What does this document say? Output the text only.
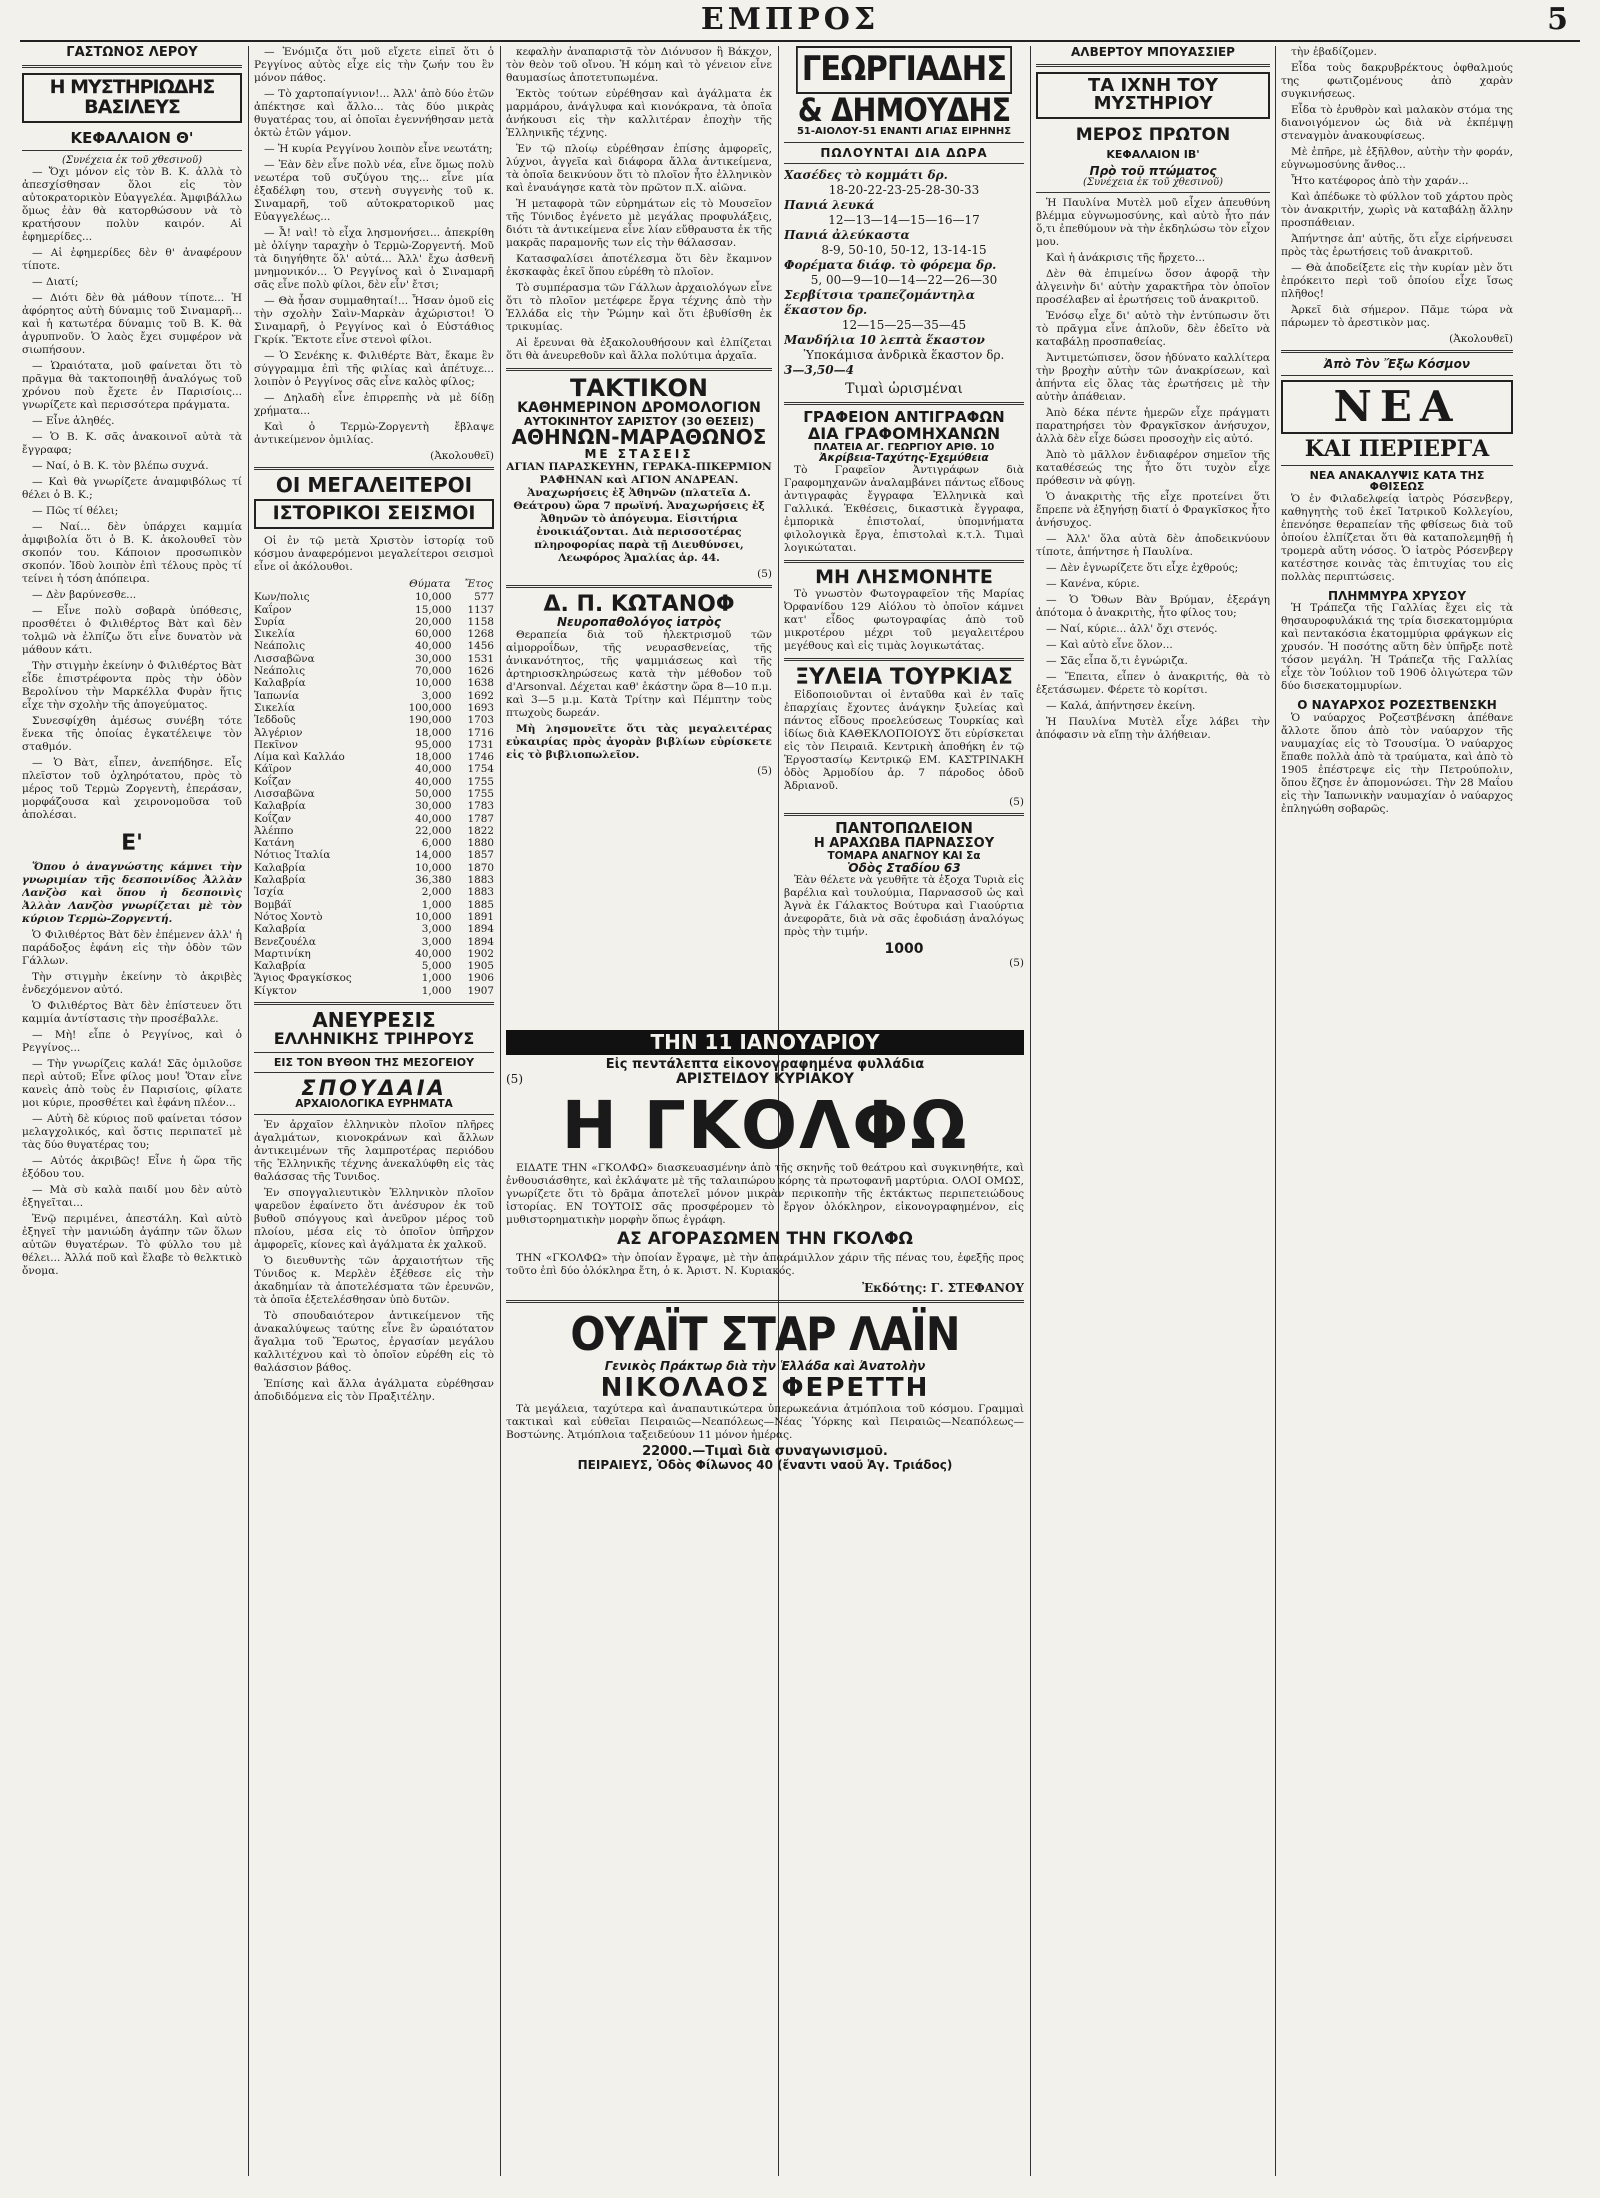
ΕΜΠΡΟΣ	5
ΓΑΣΤΩΝΟΣ ΛΕΡΟΥ
Η ΜΥΣΤΗΡΙΩΔΗΣ ΒΑΣΙΛΕΥΣ
ΚΕΦΑΛΑΙΟΝ Θ'
(Συνέχεια ἐκ τοῦ χθεσινοῦ)

— Ὄχι μόνον εἰς τὸν Β. Κ. ἀλλὰ τὸ ἀπεσχίσθησαν ὅλοι εἰς τὸν αὐτοκρατορικὸν Εὐαγγελέα. Ἀμφιβάλλω ὅμως ἐὰν θὰ κατορθώσουν νὰ τὸ κρατήσουν πολὺν καιρόν. Αἱ ἐφημερίδες...

— Αἱ ἐφημερίδες δὲν θ' ἀναφέρουν τίποτε.

— Διατί;

— Διότι δὲν θὰ μάθουν τίποτε... Ἡ ἀφόρητος αὐτὴ δύναμις τοῦ Σιναμαρῆ... καὶ ἡ κατωτέρα δύναμις τοῦ Β. Κ. θὰ ἀγρυπνοῦν. Ὁ λαὸς ἔχει συμφέρον νὰ σιωπήσουν.

— Ὡραιότατα, μοῦ φαίνεται ὅτι τὸ πρᾶγμα θὰ τακτοποιηθῇ ἀναλόγως τοῦ χρόνου ποὺ ἔχετε ἐν Παρισίοις... γνωρίζετε καὶ περισσότερα πράγματα.

— Εἶνε ἀληθές.

— Ὁ Β. Κ. σᾶς ἀνακοινοῖ αὐτὰ τὰ ἔγγραφα;

— Ναί, ὁ Β. Κ. τὸν βλέπω συχνά.

— Καὶ θὰ γνωρίζετε ἀναμφιβόλως τί θέλει ὁ Β. Κ.;

— Πῶς τί θέλει;

— Ναί... δὲν ὑπάρχει καμμία ἀμφιβολία ὅτι ὁ Β. Κ. ἀκολουθεῖ τὸν σκοπόν του. Κάποιον προσωπικὸν σκοπόν. Ἰδοὺ λοιπὸν ἐπὶ τέλους πρὸς τί τείνει ἡ τόση ἀπόπειρα.

— Δὲν βαρύνεσθε...

— Εἶνε πολὺ σοβαρὰ ὑπόθεσις, προσθέτει ὁ Φιλιθέρτος Βὰτ καὶ δὲν τολμῶ νὰ ἐλπίζω ὅτι εἶνε δυνατὸν νὰ μάθουν κάτι.

Τὴν στιγμὴν ἐκείνην ὁ Φιλιθέρτος Βὰτ εἶδε ἐπιστρέφοντα πρὸς τὴν ὁδὸν Βερολίνου τὴν Μαρκέλλα Φυρὰν ἥτις εἶχε τὴν σχολὴν τῆς ἀπογεύματος.

Συνεσφίχθη ἀμέσως συνέβη τότε ἕνεκα τῆς ὁποίας ἐγκατέλειψε τὸν σταθμόν.

— Ὁ Βὰτ, εἶπεν, ἀνεπήδησε. Εἶς πλεῖστον τοῦ ὀχληρότατου, πρὸς τὸ μέρος τοῦ Τερμὼ Ζοργεντὴ, ἐπεράσαν, μορφάζουσα καὶ χειρονομοῦσα τοῦ ἀπολέσαι.

Ε'

Ὅπου ὁ ἀναγνώστης κάμνει τὴν γνωριμίαν τῆς δεσποινίδος Ἀλλὰν Λανζὸσ καὶ ὅπου ἡ δεσποινὶς Ἀλλὰν Λανζὸσ γνωρίζεται μὲ τὸν κύριον Τερμὼ-Ζοργεντή.

Ὁ Φιλιθέρτος Βὰτ δὲν ἐπέμενεν ἀλλ' ἡ παράδοξος ἐφάνη εἰς τὴν ὁδὸν τῶν Γάλλων.

Τὴν στιγμὴν ἐκείνην τὸ ἀκριβὲς ἐνδεχόμενον αὐτό.

Ὁ Φιλιθέρτος Βὰτ δὲν ἐπίστευεν ὅτι καμμία ἀντίστασις τὴν προσέβαλλε.

— Μὴ! εἶπε ὁ Ρεγγίνος, καὶ ὁ Ρεγγίνος...

— Τὴν γνωρίζεις καλά! Σᾶς ὁμιλοῦσε περὶ αὐτοῦ; Εἶνε φίλος μου! Ὅταν εἶνε κανεὶς ἀπὸ τοὺς ἐν Παρισίοις, φίλατε μοι κύριε, προσθέτει καὶ ἐφάνη πλέον...

— Αὐτὴ δὲ κύριος ποῦ φαίνεται τόσον μελαγχολικός, καὶ ὅστις περιπατεῖ μὲ τὰς δύο θυγατέρας του;

— Αὐτός ἀκριβῶς! Εἶνε ἡ ὥρα τῆς ἐξόδου του.

— Μὰ σὺ καλὰ παιδί μου δὲν αὐτὸ ἐξηγεῖται...

Ἐνῷ περιμένει, ἀπεστάλη. Καὶ αὐτὸ ἐξηγεῖ τὴν μανιώδη ἀγάπην τῶν ὅλων αὐτῶν θυγατέρων. Τὸ φύλλο του μὲ θέλει... Ἀλλά ποῦ καὶ ἔλαβε τὸ θελκτικὸ ὄνομα.

— Ἐνόμιζα ὅτι μοῦ εἴχετε εἰπεῖ ὅτι ὁ Ρεγγίνος αὐτὸς εἶχε εἰς τὴν ζωήν του ἓν μόνον πάθος.

— Τὸ χαρτοπαίγνιον!... Ἀλλ' ἀπὸ δύο ἐτῶν ἀπέκτησε καὶ ἄλλο... τὰς δύο μικρὰς θυγατέρας του, αἱ ὁποῖαι ἐγεννήθησαν μετὰ ὀκτὼ ἐτῶν γάμον.

— Ἡ κυρία Ρεγγίνου λοιπὸν εἶνε νεωτάτη;

— Ἐὰν δὲν εἶνε πολὺ νέα, εἶνε ὅμως πολὺ νεωτέρα τοῦ συζύγου της... εἶνε μία ἐξαδέλφη του, στενὴ συγγενὴς τοῦ κ. Σιναμαρῆ, τοῦ αὐτοκρατορικοῦ μας Εὐαγγελέως...

— Ἆ! ναὶ! τὸ εἶχα λησμονήσει... ἀπεκρίθη μὲ ὀλίγην ταραχὴν ὁ Τερμὼ-Ζοργεντή. Μοῦ τὰ διηγήθητε ὅλ' αὐτά... Ἀλλ' ἔχω ἀσθενῆ μνημονικόν... Ὁ Ρεγγίνος καὶ ὁ Σιναμαρῆ σᾶς εἶνε πολὺ φίλοι, δὲν εἶν' ἔτσι;

— Θὰ ἦσαν συμμαθηταί!... Ἦσαν ὁμοῦ εἰς τὴν σχολὴν Σαὶν-Μαρκὰν ἀχώριστοι! Ὁ Σιναμαρῆ, ὁ Ρεγγίνος καὶ ὁ Εὐστάθιος Γκρίκ. Ἔκτοτε εἶνε στενοὶ φίλοι.

— Ὁ Σενέκης κ. Φιλιθέρτε Βὰτ, ἔκαμε ἓν σύγγραμμα ἐπὶ τῆς φιλίας καὶ ἀπέτυχε... λοιπὸν ὁ Ρεγγίνος σᾶς εἶνε καλὸς φίλος;

— Δηλαδὴ εἶνε ἐπιρρεπὴς νὰ μὲ δίδῃ χρήματα...

Καὶ ὁ Τερμὼ-Ζοργεντὴ ἔβλαψε ἀντικείμενον ὁμιλίας.

(Ἀκολουθεῖ)
ΟΙ ΜΕΓΑΛΕΙΤΕΡΟΙ
ΙΣΤΟΡΙΚΟΙ ΣΕΙΣΜΟΙ

Οἱ ἐν τῷ μετὰ Χριστὸν ἱστορίᾳ τοῦ κόσμου ἀναφερόμενοι μεγαλείτεροι σεισμοὶ εἶνε οἱ ἀκόλουθοι.

	Θύματα	Ἔτος
Κων/πολις	10,000	577
Καΐρον	15,000	1137
Συρία	20,000	1158
Σικελία	60,000	1268
Νεάπολις	40,000	1456
Λισσαβῶνα	30,000	1531
Νεάπολις	70,000	1626
Καλαβρία	10,000	1638
Ἰαπωνία	3,000	1692
Σικελία	100,000	1693
Ἰεδδοῦς	190,000	1703
Ἀλγέριον	18,000	1716
Πεκῖνον	95,000	1731
Λίμα καὶ Καλλάο	18,000	1746
Κάϊρον	40,000	1754
Κοΐζαν	40,000	1755
Λισσαβῶνα	50,000	1755
Καλαβρία	30,000	1783
Κοΐζαν	40,000	1787
Ἀλέππο	22,000	1822
Κατάνη	6,000	1880
Νότιος Ἰταλία	14,000	1857
Καλαβρία	10,000	1870
Καλαβρία	36,380	1883
Ἰσχία	2,000	1883
Βομβάϊ	1,000	1885
Νότος Χοντὸ	10,000	1891
Καλαβρία	3,000	1894
Βενεζουέλα	3,000	1894
Μαρτινίκη	40,000	1902
Καλαβρία	5,000	1905
Ἅγιος Φραγκίσκος	1,000	1906
Κίγκτον	1,000	1907
ΑΝΕΥΡΕΣΙΣ
ΕΛΛΗΝΙΚΗΣ ΤΡΙΗΡΟΥΣ
ΕΙΣ ΤΟΝ ΒΥΘΟΝ ΤΗΣ ΜΕΣΟΓΕΙΟΥ
ΣΠΟΥΔΑΙΑ
ΑΡΧΑΙΟΛΟΓΙΚΑ ΕΥΡΗΜΑΤΑ

Ἐν ἀρχαῖον ἑλληνικὸν πλοῖον πλῆρες ἀγαλμάτων, κιονοκράνων καὶ ἄλλων ἀντικειμένων τῆς λαμπροτέρας περιόδου τῆς Ἑλληνικῆς τέχνης ἀνεκαλύφθη εἰς τὰς θαλάσσας τῆς Τυνιδος.

Ἐν σπογγαλιευτικὸν Ἑλληνικὸν πλοῖον ψαρεῦον ἐφαίνετο ὅτι ἀνέσυρον ἐκ τοῦ βυθοῦ σπόγγους καὶ ἀνεῦρον μέρος τοῦ πλοίου, μέσα εἰς τὸ ὁποῖον ὑπῆρχον ἀμφορεῖς, κίονες καὶ ἀγάλματα ἐκ χαλκοῦ.

Ὁ διευθυντὴς τῶν ἀρχαιοτήτων τῆς Τύνιδος κ. Μερλὲν ἐξέθεσε εἰς τὴν ἀκαδημίαν τὰ ἀποτελέσματα τῶν ἐρευνῶν, τὰ ὁποῖα ἐξετελέσθησαν ὑπὸ δυτῶν.

Τὸ σπουδαιότερον ἀντικείμενον τῆς ἀνακαλύψεως ταύτης εἶνε ἓν ὡραιότατον ἄγαλμα τοῦ Ἔρωτος, ἐργασίαν μεγάλου καλλιτέχνου καὶ τὸ ὁποῖον εὑρέθη εἰς τὸ θαλάσσιον βάθος.

Ἐπίσης καὶ ἄλλα ἀγάλματα εὑρέθησαν ἀποδιδόμενα εἰς τὸν Πραξιτέλην.

κεφαλὴν ἀναπαριστᾷ τὸν Διόνυσον ἢ Βάκχον, τὸν θεὸν τοῦ οἴνου. Ἡ κόμη καὶ τὸ γένειον εἶνε θαυμασίως ἀποτετυπωμένα.

Ἐκτὸς τούτων εὑρέθησαν καὶ ἀγάλματα ἐκ μαρμάρου, ἀνάγλυφα καὶ κιονόκρανα, τὰ ὁποῖα ἀνήκουσι εἰς τὴν καλλιτέραν ἐποχὴν τῆς Ἑλληνικῆς τέχνης.

Ἐν τῷ πλοίῳ εὑρέθησαν ἐπίσης ἀμφορεῖς, λύχνοι, ἀγγεῖα καὶ διάφορα ἄλλα ἀντικείμενα, τὰ ὁποῖα δεικνύουν ὅτι τὸ πλοῖον ἦτο ἑλληνικὸν καὶ ἐναυάγησε κατὰ τὸν πρῶτον π.Χ. αἰῶνα.

Ἡ μεταφορὰ τῶν εὑρημάτων εἰς τὸ Μουσεῖον τῆς Τύνιδος ἐγένετο μὲ μεγάλας προφυλάξεις, διότι τὰ ἀντικείμενα εἶνε λίαν εὔθραυστα ἐκ τῆς μακρᾶς παραμονῆς των εἰς τὴν θάλασσαν.

Κατασφαλίσει ἀποτέλεσμα ὅτι δὲν ἔκαμνον ἐκσκαφὰς ἐκεῖ ὅπου εὑρέθη τὸ πλοῖον.

Τὸ συμπέρασμα τῶν Γάλλων ἀρχαιολόγων εἶνε ὅτι τὸ πλοῖον μετέφερε ἔργα τέχνης ἀπὸ τὴν Ἑλλάδα εἰς τὴν Ῥώμην καὶ ὅτι ἐβυθίσθη ἐκ τρικυμίας.

Αἱ ἔρευναι θὰ ἐξακολουθήσουν καὶ ἐλπίζεται ὅτι θὰ ἀνευρεθοῦν καὶ ἄλλα πολύτιμα ἀρχαῖα.

ΤΑΚΤΙΚΟΝ
ΚΑΘΗΜΕΡΙΝΟΝ ΔΡΟΜΟΛΟΓΙΟΝ
ΑΥΤΟΚΙΝΗΤΟΥ ΣΑΡΙΣΤΟΥ (30 ΘΕΣΕΙΣ)
ΑΘΗΝΩΝ-ΜΑΡΑΘΩΝΟΣ
ΜΕ ΣΤΑΣΕΙΣ

ΑΓΙΑΝ ΠΑΡΑΣΚΕΥΗΝ, ΓΕΡΑΚΑ-ΠΙΚΕΡΜΙΟΝ ΡΑΦΗΝΑΝ καὶ ΑΓΙΟΝ ΑΝΔΡΕΑΝ. Ἀναχωρήσεις ἐξ Ἀθηνῶν (πλατεῖα Δ. Θεάτρου) ὥρα 7 πρωϊνή. Ἀναχωρήσεις ἐξ Ἀθηνῶν τὸ ἀπόγευμα. Εἰσιτήρια ἐνοικιάζονται. Διὰ περισσοτέρας πληροφορίας παρὰ τῇ Διευθύνσει, Λεωφόρος Ἀμαλίας ἀρ. 44.

(5)
Δ. Π. ΚΩΤΑΝΟΦ
Νευροπαθολόγος ἰατρὸς

Θεραπεία διὰ τοῦ ἠλεκτρισμοῦ τῶν αἱμορροΐδων, τῆς νευρασθενείας, τῆς ἀνικανότητος, τῆς ψαμμιάσεως καὶ τῆς ἀρτηριοσκληρώσεως κατὰ τὴν μέθοδον τοῦ d'Arsonval. Δέχεται καθ' ἑκάστην ὥρα 8—10 π.μ. καὶ 3—5 μ.μ. Κατὰ Τρίτην καὶ Πέμπτην τοὺς πτωχοὺς δωρεάν.

Μὴ λησμονεῖτε ὅτι τὰς μεγαλειτέρας εὐκαιρίας πρὸς ἀγορὰν βιβλίων εὑρίσκετε εἰς τὸ βιβλιοπωλεῖον.

(5)
ΓΕΩΡΓΙΑΔΗΣ
& ΔΗΜΟΥΔΗΣ
51-ΑΙΟΛΟΥ-51 ΕΝΑΝΤΙ ΑΓΙΑΣ ΕΙΡΗΝΗΣ
ΠΩΛΟΥΝΤΑΙ ΔΙΑ ΔΩΡΑ
Χασέδες τὸ κομμάτι δρ.
18-20-22-23-25-28-30-33
Πανιά λευκά
12—13—14—15—16—17
Πανιά ἀλεύκαστα
8-9, 50-10, 50-12, 13-14-15
Φορέματα διάφ. τὸ φόρεμα δρ.
5, 00—9—10—14—22—26—30
Σερβίτσια τραπεζομάντηλα ἕκαστον δρ.
12—15—25—35—45
Μανδήλια 10 λεπτὰ ἕκαστον
Ὑποκάμισα ἀνδρικὰ ἕκαστον δρ.
3—3,50—4
Τιμαὶ ὡρισμέναι
ΓΡΑΦΕΙΟΝ ΑΝΤΙΓΡΑΦΩΝ
ΔΙΑ ΓΡΑΦΟΜΗΧΑΝΩΝ
ΠΛΑΤΕΙΑ ΑΓ. ΓΕΩΡΓΙΟΥ ΑΡΙΘ. 10
Ἀκρίβεια-Ταχύτης-Ἐχεμύθεια

Τὸ Γραφεῖον Ἀντιγράφων διὰ Γραφομηχανῶν ἀναλαμβάνει πάντως εἴδους ἀντιγραφὰς ἔγγραφα Ἑλληνικὰ καὶ Γαλλικά. Ἐκθέσεις, δικαστικὰ ἔγγραφα, ἐμπορικὰ ἐπιστολαί, ὑπομνήματα φιλολογικὰ ἔργα, ἐπιστολαὶ κ.τ.λ. Τιμαὶ λογικώταται.

ΜΗ ΛΗΣΜΟΝΗΤΕ

Τὸ γνωστὸν Φωτογραφεῖον τῆς Μαρίας Ὀρφανίδου 129 Αἰόλου τὸ ὁποῖον κάμνει κατ' εἶδος φωτογραφίας ἀπὸ τοῦ μικροτέρου μέχρι τοῦ μεγαλειτέρου μεγέθους καὶ εἰς τιμὰς λογικωτάτας.

ΞΥΛΕΙΑ ΤΟΥΡΚΙΑΣ

Εἰδοποιοῦνται οἱ ἐνταῦθα καὶ ἐν ταῖς ἐπαρχίαις ἔχοντες ἀνάγκην ξυλείας καὶ πάντος εἴδους προελεύσεως Τουρκίας καὶ ἰδίως διὰ ΚΑΘΕΚΛΟΠΟΙΟΥΣ ὅτι εὑρίσκεται εἰς τὸν Πειραιᾶ. Κεντρικὴ ἀποθήκη ἐν τῷ Ἐργοστασίῳ Κεντρικῷ ΕΜ. ΚΑΣΤΡΙΝΑΚΗ ὁδὸς Ἀρμοδίου ἀρ. 7 πάροδος ὁδοῦ Ἀδριανοῦ.

(5)
ΠΑΝΤΟΠΩΛΕΙΟΝ
Η ΑΡΑΧΩΒΑ ΠΑΡΝΑΣΣΟΥ
ΤΟΜΑΡΑ ΑΝΑΓΝΟΥ ΚΑΙ Σα
Ὁδὸς Σταδίου 63

Ἐὰν θέλετε νὰ γευθῆτε τὰ ἐξοχα Τυριὰ εἰς βαρέλια καὶ τουλούμια, Παρνασσοῦ ὡς καὶ Ἀγνὰ ἐκ Γάλακτος Βούτυρα καὶ Γιαούρτια ἀνεφορᾶτε, διὰ νὰ σᾶς ἐφοδιάσῃ ἀναλόγως πρὸς τὴν τιμήν.

1000
(5)
ΤΗΝ 11 ΙΑΝΟΥΑΡΙΟΥ
Εἰς πεντάλεπτα εἰκονογραφημένα φυλλάδια
(5)	ΑΡΙΣΤΕΙΔΟΥ ΚΥΡΙΑΚΟΥ
Η ΓΚΟΛΦΩ

ΕΙΔΑΤΕ ΤΗΝ «ΓΚΟΛΦΩ» διασκευασμένην ἀπὸ τῆς σκηνῆς τοῦ θεάτρου καὶ συγκινηθήτε, καὶ ἐνθουσιάσθητε, καὶ ἐκλάψατε μὲ τῆς ταλαιπώρου κόρης τὰ πρωτοφανῆ μαρτύρια. ΟΛΟΙ ΟΜΩΣ, γνωρίζετε ὅτι τὸ δρᾶμα ἀποτελεῖ μόνον μικρὰν περικοπὴν τῆς ἐκτάκτως περιπετειώδους ἱστορίας. ΕΝ ΤΟΥΤΟΙΣ σᾶς προσφέρομεν τὸ ἔργον ὁλόκληρον, εἰκονογραφημένον, εἰς μυθιστορηματικὴν μορφὴν ὅπως ἐγράφη.

ΑΣ ΑΓΟΡΑΣΩΜΕΝ ΤΗΝ ΓΚΟΛΦΩ

ΤΗΝ «ΓΚΟΛΦΩ» τὴν ὁποίαν ἔγραψε, μὲ τὴν ἀπαράμιλλον χάριν τῆς πένας του, ἐφεξῆς προς τοῦτο ἐπὶ δύο ὁλόκληρα ἔτη, ὁ κ. Ἀριστ. Ν. Κυριακός.

Ἐκδότης: Γ. ΣΤΕΦΑΝΟΥ
ΟΥΑΪΤ ΣΤΑΡ ΛΑΪΝ
Γενικὸς Πράκτωρ διὰ τὴν Ἑλλάδα καὶ Ἀνατολὴν
ΝΙΚΟΛΑΟΣ ΦΕΡΕΤΤΗ

Τὰ μεγάλεια, ταχύτερα καὶ ἀναπαυτικώτερα ὑπερωκεάνια ἀτμόπλοια τοῦ κόσμου. Γραμμαὶ τακτικαὶ καὶ εὐθεῖαι Πειραιῶς—Νεαπόλεως—Νέας Ὑόρκης καὶ Πειραιῶς—Νεαπόλεως—Βοστώνης. Ἀτμόπλοια ταξειδεύουν 11 μόνον ἡμέρας.

22000.—Τιμαὶ διὰ συναγωνισμοῦ.
ΠΕΙΡΑΙΕΥΣ, Ὁδὸς Φίλωνος 40 (ἔναντι ναοῦ Ἁγ. Τριάδος)
ΑΛΒΕΡΤΟΥ ΜΠΟΥΑΣΣΙΕΡ
ΤΑ ΙΧΝΗ ΤΟΥ ΜΥΣΤΗΡΙΟΥ
ΜΕΡΟΣ ΠΡΩΤΟΝ
ΚΕΦΑΛΑΙΟΝ ΙΒ'
Πρὸ τοῦ πτώματος
(Συνέχεια ἐκ τοῦ χθεσινοῦ)

Ἡ Παυλίνα Μυτὲλ μοῦ εἶχεν ἀπευθύνη βλέμμα εὐγνωμοσύνης, καὶ αὐτὸ ἦτο πάν ὅ,τι ἐπεθύμουν νὰ τὴν ἐκδηλώσω τὸν εἶχον μου.

Καὶ ἡ ἀνάκρισις τῆς ἤρχετο...

Δὲν θὰ ἐπιμείνω ὅσον ἀφορᾷ τὴν ἀλγεινὴν δι' αὐτὴν χαρακτῆρα τὸν ὁποῖον προσέλαβεν αἱ ἐρωτήσεις τοῦ ἀνακριτοῦ.

Ἐνόσῳ εἶχε δι' αὐτὸ τὴν ἐντύπωσιν ὅτι τὸ πρᾶγμα εἶνε ἀπλοῦν, δὲν ἐδεῖτο νὰ καταβάλῃ προσπαθείας.

Ἀντιμετώπισεν, ὅσον ἠδύνατο καλλίτερα τὴν βροχὴν αὐτὴν τῶν ἀνακρίσεων, καὶ ἀπήντα εἰς ὅλας τὰς ἐρωτήσεις μὲ τὴν αὐτὴν ἀπάθειαν.

Ἀπὸ δέκα πέντε ἡμερῶν εἶχε πράγματι παρατηρήσει τὸν Φραγκῖσκον ἀνήσυχον, ἀλλὰ δὲν εἶχε δώσει προσοχὴν εἰς αὐτό.

Ἀπὸ τὸ μᾶλλον ἐνδιαφέρον σημεῖον τῆς καταθέσεώς της ἦτο ὅτι τυχὸν εἶχε πρόθεσιν νὰ φύγῃ.

Ὁ ἀνακριτὴς τῆς εἶχε προτείνει ὅτι ἔπρεπε νὰ ἐξηγήσῃ διατί ὁ Φραγκῖσκος ἦτο ἀνήσυχος.

— Ἀλλ' ὅλα αὐτὰ δὲν ἀποδεικνύουν τίποτε, ἀπήντησε ἡ Παυλίνα.

— Δὲν ἐγνωρίζετε ὅτι εἶχε ἐχθρούς;

— Κανένα, κύριε.

— Ὁ Ὄθων Βὰν Βρύμαν, ἐξεράγη ἀπότομα ὁ ἀνακριτὴς, ἦτο φίλος του;

— Ναί, κύριε... ἀλλ' ὄχι στενός.

— Καὶ αὐτὸ εἶνε ὅλον...

— Σᾶς εἶπα ὅ,τι ἐγνώριζα.

— Ἔπειτα, εἶπεν ὁ ἀνακριτής, θὰ τὸ ἐξετάσωμεν. Φέρετε τὸ κορίτσι.

— Καλά, ἀπήντησεν ἐκείνη.

Ἡ Παυλίνα Μυτὲλ εἶχε λάβει τὴν ἀπόφασιν νὰ εἴπῃ τὴν ἀλήθειαν.

τὴν ἐβαδίζομεν.

Εἶδα τοὺς δακρυβρέκτους ὀφθαλμούς της φωτιζομένους ἀπὸ χαρὰν συγκινήσεως.

Εἶδα τὸ ἐρυθρὸν καὶ μαλακὸν στόμα της διανοιγόμενον ὡς διὰ νὰ ἐκπέμψῃ στεναγμὸν ἀνακουφίσεως.

Μὲ ἐπῆρε, μὲ ἐξῆλθον, αὐτὴν τὴν φοράν, εὐγνωμοσύνης ἄνθος...

Ἦτο κατέφορος ἀπὸ τὴν χαράν...

Καὶ ἀπέδωκε τὸ φύλλον τοῦ χάρτου πρὸς τὸν ἀνακριτήν, χωρὶς νὰ καταβάλῃ ἄλλην προσπάθειαν.

Ἀπήντησε ἀπ' αὐτῆς, ὅτι εἶχε εἰρήνευσει πρὸς τὰς ἐρωτήσεις τοῦ ἀνακριτοῦ.

— Θὰ ἀποδείξετε εἰς τὴν κυρίαν μὲν ὅτι ἐπρόκειτο περὶ τοῦ ὁποίου εἶχε ἴσως πλῆθος!

Ἀρκεῖ διὰ σήμερον. Πᾶμε τώρα νὰ πάρωμεν τὸ ἀρεστικὸν μας.

(Ἀκολουθεῖ)
Ἀπὸ Τὸν Ἔξω Κόσμον
ΝΕΑ
ΚΑΙ ΠΕΡΙΕΡΓΑ
ΝΕΑ ΑΝΑΚΑΛΥΨΙΣ ΚΑΤΑ ΤΗΣ ΦΘΙΣΕΩΣ

Ὁ ἐν Φιλαδελφείᾳ ἰατρὸς Ρόσενβεργ, καθηγητὴς τοῦ ἐκεῖ Ἰατρικοῦ Κολλεγίου, ἐπενόησε θεραπείαν τῆς φθίσεως διὰ τοῦ ὁποίου ἐλπίζεται ὅτι θὰ καταπολεμηθῇ ἡ τρομερὰ αὕτη νόσος. Ὁ ἰατρὸς Ρόσενβεργ κατέστησε κοινὰς τὰς ἐπιτυχίας του εἰς πολλὰς περιπτώσεις.

ΠΛΗΜΜΥΡΑ ΧΡΥΣΟΥ

Ἡ Τράπεζα τῆς Γαλλίας ἔχει εἰς τὰ θησαυροφυλάκιά της τρία δισεκατομμύρια καὶ πεντακόσια ἑκατομμύρια φράγκων εἰς χρυσόν. Ἡ ποσότης αὕτη δὲν ὑπῆρξε ποτὲ τόσον μεγάλη. Ἡ Τράπεζα τῆς Γαλλίας εἶχε τὸν Ἰούλιον τοῦ 1906 ὀλιγώτερα τῶν δύο δισεκατομμυρίων.

Ο ΝΑΥΑΡΧΟΣ ΡΟΖΕΣΤΒΕΝΣΚΗ

Ὁ ναύαρχος Ροζεστβένσκη ἀπέθανε ἄλλοτε ὅπου ἀπὸ τὸν ναύαρχον τῆς ναυμαχίας εἰς τὸ Τσουσίμα. Ὁ ναύαρχος ἔπαθε πολλὰ ἀπὸ τὰ τραύματα, καὶ ἀπὸ τὸ 1905 ἐπέστρεψε εἰς τὴν Πετρούπολιν, ὅπου ἔζησε ἐν ἀπομονώσει. Τὴν 28 Μαΐου εἰς τὴν Ἰαπωνικὴν ναυμαχίαν ὁ ναύαρχος ἐπληγώθη σοβαρῶς.
